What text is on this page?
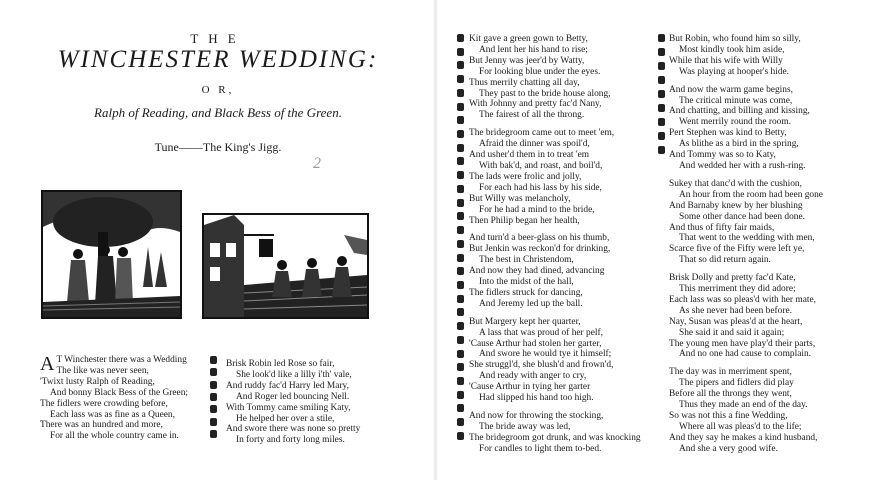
THE
WINCHESTER WEDDING:
O R,
Ralph of Reading, and Black Bess of the Green.
Tune——The King's Jigg.
2
A T Winchester there was a Wedding
The like was never seen,
'Twixt lusty Ralph of Reading,
And bonny Black Bess of the Green;
The fidlers were crowding before,
Each lass was as fine as a Queen,
There was an hundred and more,
For all the whole country came in.
Brisk Robin led Rose so fair,
She look'd like a lilly i'th' vale,
And ruddy fac'd Harry led Mary,
And Roger led bouncing Nell.
With Tommy came smiling Katy,
He helped her over a stile,
And swore there was none so pretty
In forty and forty long miles.
Kit gave a green gown to Betty,
And lent her his hand to rise;
But Jenny was jeer'd by Watty,
For looking blue under the eyes.
Thus merrily chatting all day,
They past to the bride house along,
With Johnny and pretty fac'd Nany,
The fairest of all the throng.
The bridegroom came out to meet 'em,
Afraid the dinner was spoil'd,
And usher'd them in to treat 'em
With bak'd, and roast, and boil'd,
The lads were frolic and jolly,
For each had his lass by his side,
But Willy was melancholy,
For he had a mind to the bride,
Then Philip began her health,
And turn'd a beer-glass on his thumb,
But Jenkin was reckon'd for drinking,
The best in Christendom,
And now they had dined, advancing
Into the midst of the hall,
The fidlers struck for dancing,
And Jeremy led up the ball.
But Margery kept her quarter,
A lass that was proud of her pelf,
'Cause Arthur had stolen her garter,
And swore he would tye it himself;
She struggl'd, she blush'd and frown'd,
And ready with anger to cry,
'Cause Arthur in tying her garter
Had slipped his hand too high.
And now for throwing the stocking,
The bride away was led,
The bridegroom got drunk, and was knocking
For candles to light them to-bed.
But Robin, who found him so silly,
Most kindly took him aside,
While that his wife with Willy
Was playing at hooper's hide.
And now the warm game begins,
The critical minute was come,
And chatting, and billing and kissing,
Went merrily round the room.
Pert Stephen was kind to Betty,
As blithe as a bird in the spring,
And Tommy was so to Katy,
And wedded her with a rush-ring.
Sukey that danc'd with the cushion,
An hour from the room had been gone
And Barnaby knew by her blushing
Some other dance had been done.
And thus of fifty fair maids,
That went to the wedding with men,
Scarce five of the Fifty were left ye,
That so did return again.
Brisk Dolly and pretty fac'd Kate,
This merriment they did adore;
Each lass was so pleas'd with her mate,
As she never had been before.
Nay, Susan was pleas'd at the heart,
She said it and said it again;
The young men have play'd their parts,
And no one had cause to complain.
The day was in merriment spent,
The pipers and fidlers did play
Before all the throngs they went,
Thus they made an end of the day.
So was not this a fine Wedding,
Where all was pleas'd to the life;
And they say he makes a kind husband,
And she a very good wife.
